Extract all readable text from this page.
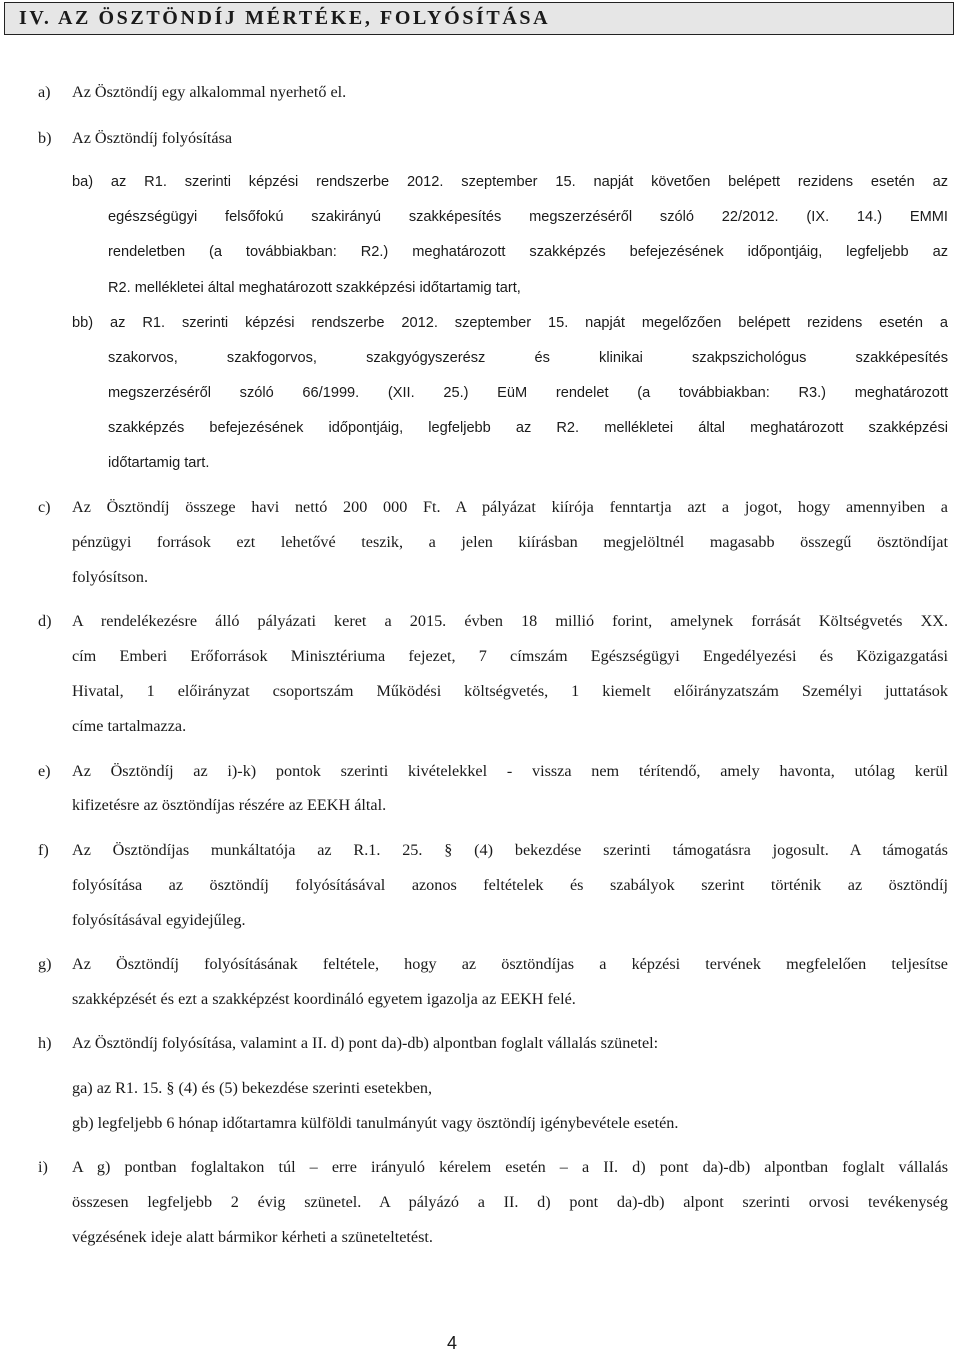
IV. AZ ÖSZTÖNDÍJ MÉRTÉKE, FOLYÓSÍTÁSA
a) Az Ösztöndíj egy alkalommal nyerhető el.
b) Az Ösztöndíj folyósítása
ba) az R1. szerinti képzési rendszerbe 2012. szeptember 15. napját követően belépett rezidens esetén az
egészségügyi felsőfokú szakirányú szakképesítés megszerzéséről szóló 22/2012. (IX. 14.) EMMI
rendeletben (a továbbiakban: R2.) meghatározott szakképzés befejezésének időpontjáig, legfeljebb az
R2. mellékletei által meghatározott szakképzési időtartamig tart,
bb) az R1. szerinti képzési rendszerbe 2012. szeptember 15. napját megelőzően belépett rezidens esetén a
szakorvos, szakfogorvos, szakgyógyszerész és klinikai szakpszichológus szakképesítés
megszerzéséről szóló 66/1999. (XII. 25.) EüM rendelet (a továbbiakban: R3.) meghatározott
szakképzés befejezésének időpontjáig, legfeljebb az R2. mellékletei által meghatározott szakképzési
időtartamig tart.
c) Az Ösztöndíj összege havi nettó 200 000 Ft. A pályázat kiírója fenntartja azt a jogot, hogy amennyiben a
pénzügyi források ezt lehetővé teszik, a jelen kiírásban megjelöltnél magasabb összegű ösztöndíjat
folyósítson.
d) A rendelékezésre álló pályázati keret a 2015. évben 18 millió forint, amelynek forrását Költségvetés XX.
cím Emberi Erőforrások Minisztériuma fejezet, 7 címszám Egészségügyi Engedélyezési és Közigazgatási
Hivatal, 1 előirányzat csoportszám Működési költségvetés, 1 kiemelt előirányzatszám Személyi juttatások
címe tartalmazza.
e) Az Ösztöndíj az i)-k) pontok szerinti kivételekkel - vissza nem térítendő, amely havonta, utólag kerül
kifizetésre az ösztöndíjas részére az EEKH által.
f) Az Ösztöndíjas munkáltatója az R.1. 25. § (4) bekezdése szerinti támogatásra jogosult. A támogatás
folyósítása az ösztöndíj folyósításával azonos feltételek és szabályok szerint történik az ösztöndíj
folyósításával egyidejűleg.
g) Az Ösztöndíj folyósításának feltétele, hogy az ösztöndíjas a képzési tervének megfelelően teljesítse
szakképzését és ezt a szakképzést koordináló egyetem igazolja az EEKH felé.
h) Az Ösztöndíj folyósítása, valamint a II. d) pont da)-db) alpontban foglalt vállalás szünetel:
ga) az R1. 15. § (4) és (5) bekezdése szerinti esetekben,
gb) legfeljebb 6 hónap időtartamra külföldi tanulmányút vagy ösztöndíj igénybevétele esetén.
i) A g) pontban foglaltakon túl – erre irányuló kérelem esetén – a II. d) pont da)-db) alpontban foglalt vállalás
összesen legfeljebb 2 évig szünetel. A pályázó a II. d) pont da)-db) alpont szerinti orvosi tevékenység
végzésének ideje alatt bármikor kérheti a szüneteltetést.
4
